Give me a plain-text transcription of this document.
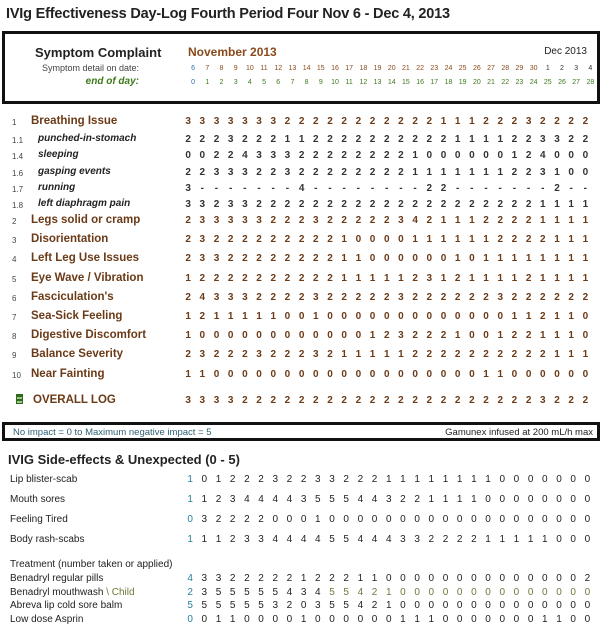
IVIg Effectiveness Day-Log Fourth Period Four Nov 6 - Dec 4, 2013
Symptom Complaint November 2013	Dec 2013
Symptom detail on date:
end of day:
6	7	8	9	10 11 12 13 14 15 16 17 18 19 20 21 22 23 24 25 26 27 28 29 30	1	2	3	4
0	1	2	3	4	5	6	7	8	9	10 11 12 13 14 15 16 17 18 19 20 21 22 23 24 25 26 27 28
1 Breathing Issue	3 3 3 3 3 3 3 2 2 2 2 2 2 2 2 2 2 2 1 1 1 2 2 2 3 2 2 2 2
1.1 punched-in-stomach	2 2 2 3 2 2 2 1 1 2 2 2 2 2 2 2 2 2 2 1 1 1 1 2 2 3 3 2 2
1.4 sleeping	0 0 2 2 4 3 3 3 2 2 2 2 2 2 2 2 1 0 0 0 0 0 0 1 2 4 0 0 0
1.6 gasping events	2 2 3 3 3 2 2 3 2 2 2 2 2 2 2 2 1 1 1 1 1 1 1 2 2 3 1 0 0
1.7 running	3 -	-	-	-	-	-	- 4 -	-	-	-	-	-	-	- 2 2 -	-	-	-	-	-	- 2 -	-
1.8 left diaphragm pain	3 3 2 3 3 2 2 2 2 2 2 2 2 2 2 2 2 2 2 2 2 2 2 2 2 1 1 1 1
2 Legs solid or cramp	2 3 3 3 3 3 2 2 2 3 2 2 2 2 2 3 4 2 1 1 1 2 2 2 2 1 1 1 1
3 Disorientation	2 3 2 2 2 2 2 2 2 2 2 1 0 0 0 0 1 1 1 1 1 1 2 2 2 2 1 1 1
4 Left Leg Use Issues	2 3 3 2 2 2 2 2 2 2 2 1 1 0 0 0 0 0 0 1 0 1 1 1 1 1 1 1 1
5 Eye Wave / Vibration	1 2 2 2 2 2 2 2 2 2 2 1 1 1 1 1 2 3 1 2 1 1 1 1 2 1 1 1 1
6 Fasciculation's	2 4 3 3 3 2 2 2 2 3 2 2 2 2 2 3 2 2 2 2 2 2 3 2 2 2 2 2 2
7 Sea-Sick Feeling	1 2 1 1 1 1 1 0 0 1 0 0 0 0 0 0 0 0 0 0 0 0 0 1 1 2 1 1 0
8 Digestive Discomfort	1 0 0 0 0 0 0 0 0 0 0 0 0 1 2 3 2 2 2 1 0 0 1 2 2 1 1 1 0
9 Balance Severity	2 3 2 2 2 3 2 2 2 3 2 1 1 1 1 1 2 2 2 2 2 2 2 2 2 2 1 1 1
10 Near Fainting	1 1 0 0 0 0 0 0 0 0 0 0 0 0 0 0 0 0 0 0 0 1 1 0 0 0 0 0 0
OVERALL LOG	3 3 3 3 2 2 2 2 2 2 2 2 2 2 2 2 2 2 2 2 2 2 2 2 2 3 2 2 2
No impact = 0 to Maximum negative impact = 5	Gamunex infused at 200 mL/h max
IVIG Side-effects & Unexpected (0 - 5)
Lip blister-scab	1 0 1 2 2 2 3 2 2 3 3 2 2 2 1 1 1 1 1 1 1 1 0 0 0 0 0 0 0
Mouth sores	1 1 2 3 4 4 4 4 3 5 5 5 4 4 3 2 2 1 1 1 1 0 0 0 0 0 0 0 0
Feeling Tired	0 3 2 2 2 2 0 0 0 1 0 0 0 0 0 0 0 0 0 0 0 0 0 0 0 0 0 0 0
Body rash-scabs	1 1 1 2 3 3 4 4 4 4 5 5 4 4 4 3 3 2 2 2 2 1 1 1 1 1 0 0 0
Treatment (number taken or applied)
Benadryl regular pills	4 3 3 2 2 2 2 2 1 2 2 2 1 1 0 0 0 0 0 0 0 0 0 0 0 0 0 0 2
Benadryl mouthwash \ Child	2 3 5 5 5 5 5 4 3 4 5 5 4 2 1 0 0 0 0 0 0 0 0 0 0 0 0 0 0
Abreva lip cold sore balm	5 5 5 5 5 5 3 2 0 3 5 5 4 2 1 0 0 0 0 0 0 0 0 0 0 0 0 0 0
Low dose Asprin	0 0 1 1 0 0 0 0 1 0 0 0 0 0 0 1 1 1 0 0 0 0 0 0 0 1 1 0 0
